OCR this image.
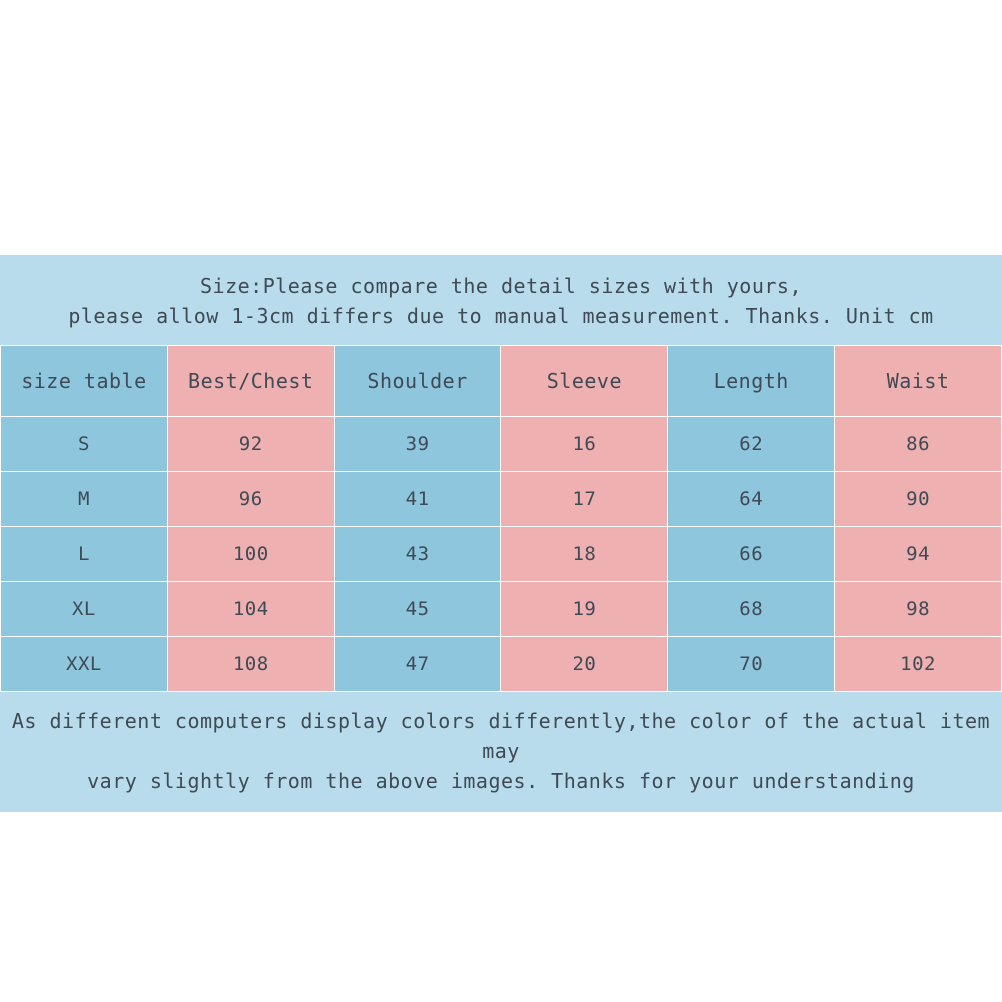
Size:Please compare the detail sizes with yours,
please allow 1-3cm differs due to manual measurement. Thanks. Unit cm
size table	Best/Chest	Shoulder	Sleeve	Length	Waist
S	92	39	16	62	86
M	96	41	17	64	90
L	100	43	18	66	94
XL	104	45	19	68	98
XXL	108	47	20	70	102
As different computers display colors differently,the color of the actual item may
vary slightly from the above images. Thanks for your understanding
